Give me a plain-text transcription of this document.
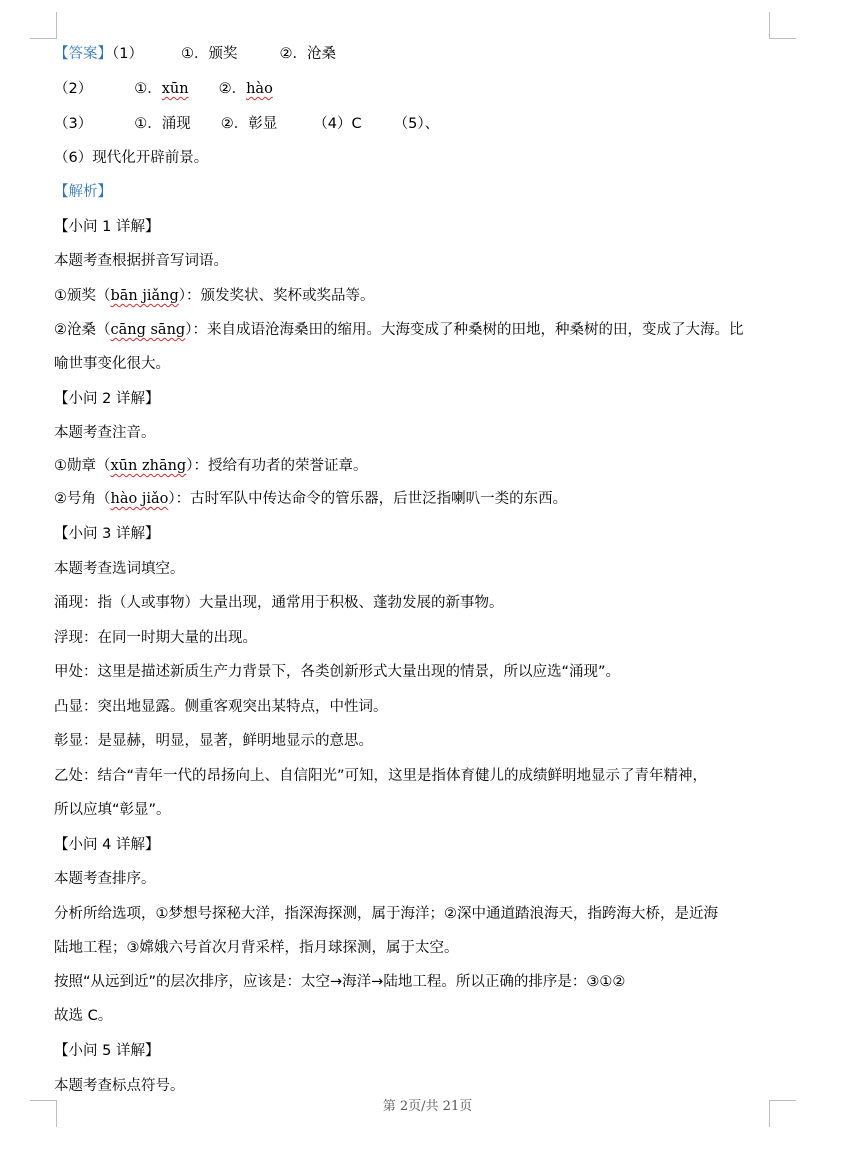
【答案】（1）	①．颁奖	②．沧桑
（2）	①．xūn ②．hào
（3）	①．涌现 ②．彰显 （4）C （5）、
（6）现代化开辟前景。
【解析】
【小问 1 详解】
本题考查根据拼音写词语。
①颁奖（bān jiǎng）：颁发奖状、奖杯或奖品等。
②沧桑（cāng sāng）：来自成语沧海桑田的缩用。大海变成了种桑树的田地，种桑树的田，变成了大海。比
喻世事变化很大。
【小问 2 详解】
本题考查注音。
①勋章（xūn zhāng）：授给有功者的荣誉证章。
②号角（hào jiǎo）：古时军队中传达命令的管乐器，后世泛指喇叭一类的东西。
【小问 3 详解】
本题考查选词填空。
涌现：指（人或事物）大量出现，通常用于积极、蓬勃发展的新事物。
浮现：在同一时期大量的出现。
甲处：这里是描述新质生产力背景下，各类创新形式大量出现的情景，所以应选“涌现”。
凸显：突出地显露。侧重客观突出某特点，中性词。
彰显：是显赫，明显，显著，鲜明地显示的意思。
乙处：结合“青年一代的昂扬向上、自信阳光”可知，这里是指体育健儿的成绩鲜明地显示了青年精神，
所以应填“彰显”。
【小问 4 详解】
本题考查排序。
分析所给选项，①梦想号探秘大洋，指深海探测，属于海洋；②深中通道踏浪海天，指跨海大桥，是近海
陆地工程；③嫦娥六号首次月背采样，指月球探测，属于太空。
按照“从远到近”的层次排序，应该是：太空→海洋→陆地工程。所以正确的排序是：③①②
故选 C。
【小问 5 详解】
本题考查标点符号。
第 2页/共 21页
